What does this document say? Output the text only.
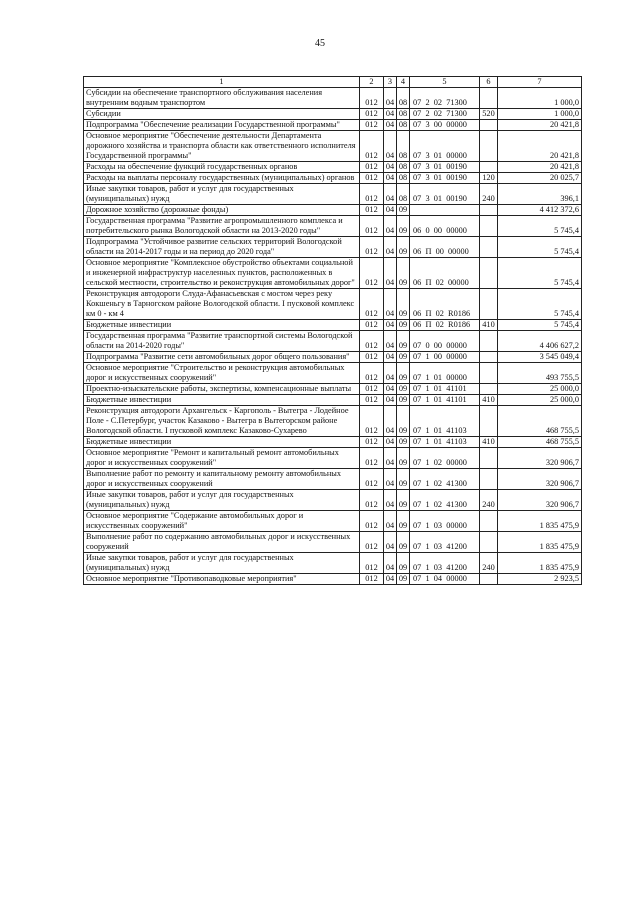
45
1	2	3	4	5	6	7
Субсидии на обеспечение транспортного обслуживания населения внутренним водным транспортом	012	04	08	07  2  02  71300		1 000,0
Субсидии	012	04	08	07  2  02  71300	520	1 000,0
Подпрограмма "Обеспечение реализации Государственной программы"	012	04	08	07  3  00  00000		20 421,8
Основное мероприятие "Обеспечение деятельности Департамента дорожного хозяйства и транспорта области как ответственного исполнителя Государственной программы"	012	04	08	07  3  01  00000		20 421,8
Расходы на обеспечение функций государственных органов	012	04	08	07  3  01  00190		20 421,8
Расходы на выплаты персоналу государственных (муниципальных) органов	012	04	08	07  3  01  00190	120	20 025,7
Иные закупки товаров, работ и услуг для государственных (муниципальных) нужд	012	04	08	07  3  01  00190	240	396,1
Дорожное хозяйство (дорожные фонды)	012	04	09			4 412 372,6
Государственная программа "Развитие агропромышленного комплекса и потребительского рынка Вологодской области на 2013-2020 годы"	012	04	09	06  0  00  00000		5 745,4
Подпрограмма "Устойчивое развитие сельских территорий Вологодской области на 2014-2017 годы и на период до 2020 года"	012	04	09	06  П  00  00000		5 745,4
Основное мероприятие "Комплексное обустройство объектами социальной и инженерной инфраструктур населенных пунктов, расположенных в сельской местности, строительство и реконструкция автомобильных дорог"	012	04	09	06  П  02  00000		5 745,4
Реконструкция автодороги Слуда-Афанасьевская с мостом через реку Кокшеньгу в Тарногском районе Вологодской области. I пусковой комплекс км 0 - км 4	012	04	09	06  П  02  R0186		5 745,4
Бюджетные инвестиции	012	04	09	06  П  02  R0186	410	5 745,4
Государственная программа "Развитие транспортной системы Вологодской области на 2014-2020 годы"	012	04	09	07  0  00  00000		4 406 627,2
Подпрограмма "Развитие сети автомобильных дорог общего пользования"	012	04	09	07  1  00  00000		3 545 049,4
Основное мероприятие "Строительство и реконструкция автомобильных дорог и искусственных сооружений"	012	04	09	07  1  01  00000		493 755,5
Проектно-изыскательские работы, экспертизы, компенсационные выплаты	012	04	09	07  1  01  41101		25 000,0
Бюджетные инвестиции	012	04	09	07  1  01  41101	410	25 000,0
Реконструкция автодороги Архангельск - Каргополь - Вытегра - Лодейное Поле - С.Петербург, участок Казаково - Вытегра в Вытегорском районе Вологодской области. I пусковой комплекс Казаково-Сухарево	012	04	09	07  1  01  41103		468 755,5
Бюджетные инвестиции	012	04	09	07  1  01  41103	410	468 755,5
Основное мероприятие "Ремонт и капитальный ремонт автомобильных дорог и искусственных сооружений"	012	04	09	07  1  02  00000		320 906,7
Выполнение работ по ремонту и капитальному ремонту автомобильных дорог и искусственных сооружений	012	04	09	07  1  02  41300		320 906,7
Иные закупки товаров, работ и услуг для государственных (муниципальных) нужд	012	04	09	07  1  02  41300	240	320 906,7
Основное мероприятие "Содержание автомобильных дорог и искусственных сооружений"	012	04	09	07  1  03  00000		1 835 475,9
Выполнение работ по содержанию автомобильных дорог и искусственных сооружений	012	04	09	07  1  03  41200		1 835 475,9
Иные закупки товаров, работ и услуг для государственных (муниципальных) нужд	012	04	09	07  1  03  41200	240	1 835 475,9
Основное мероприятие "Противопаводковые мероприятия"	012	04	09	07  1  04  00000		2 923,5
